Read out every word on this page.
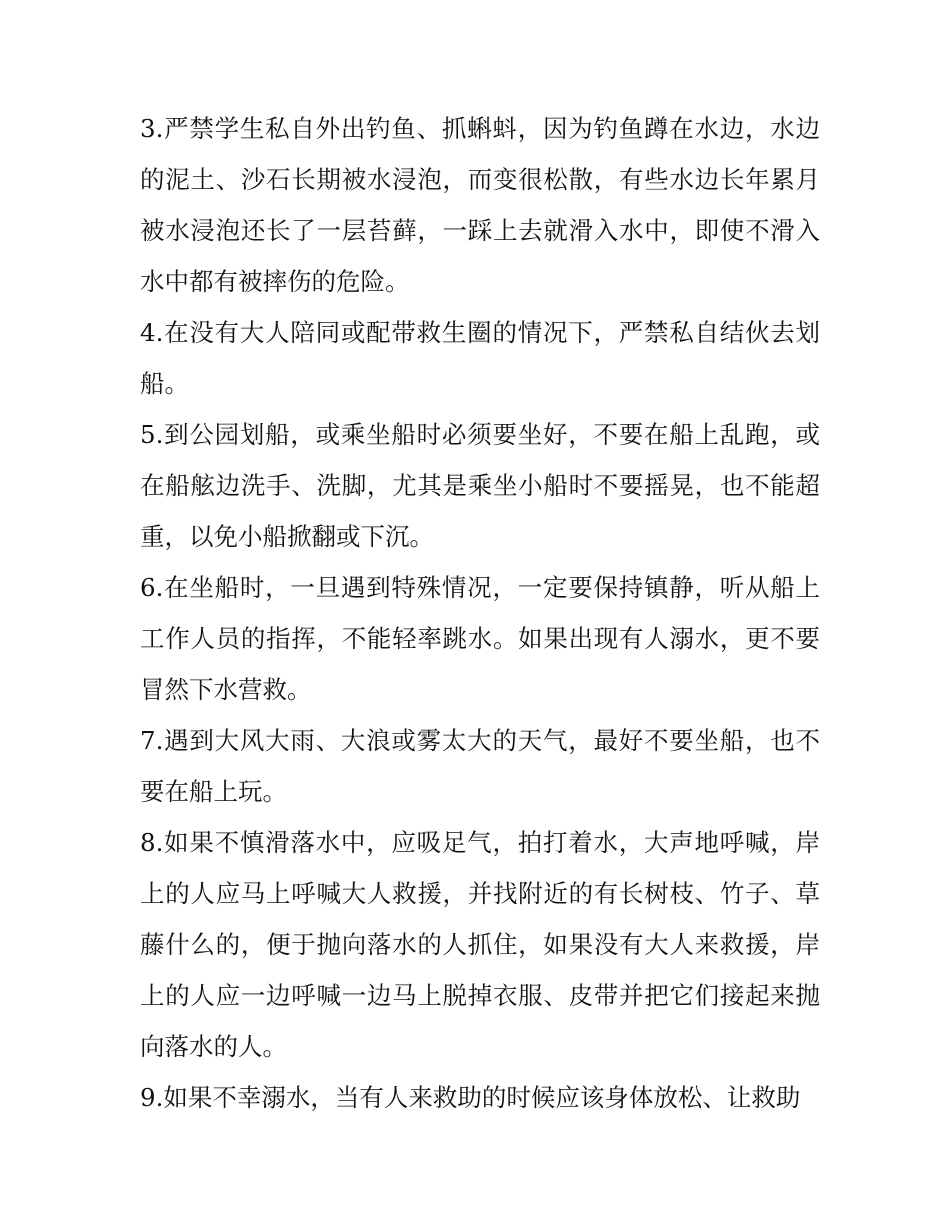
3.严禁学生私自外出钓鱼、抓蝌蚪，因为钓鱼蹲在水边，水边的泥土、沙石长期被水浸泡，而变很松散，有些水边长年累月被水浸泡还长了一层苔藓，一踩上去就滑入水中，即使不滑入水中都有被摔伤的危险。

4.在没有大人陪同或配带救生圈的情况下，严禁私自结伙去划船。

5.到公园划船，或乘坐船时必须要坐好，不要在船上乱跑，或在船舷边洗手、洗脚，尤其是乘坐小船时不要摇晃，也不能超重，以免小船掀翻或下沉。

6.在坐船时，一旦遇到特殊情况，一定要保持镇静，听从船上工作人员的指挥，不能轻率跳水。如果出现有人溺水，更不要冒然下水营救。

7.遇到大风大雨、大浪或雾太大的天气，最好不要坐船，也不要在船上玩。

8.如果不慎滑落水中，应吸足气，拍打着水，大声地呼喊，岸上的人应马上呼喊大人救援，并找附近的有长树枝、竹子、草藤什么的，便于抛向落水的人抓住，如果没有大人来救援，岸上的人应一边呼喊一边马上脱掉衣服、皮带并把它们接起来抛向落水的人。

9.如果不幸溺水，当有人来救助的时候应该身体放松、让救助
